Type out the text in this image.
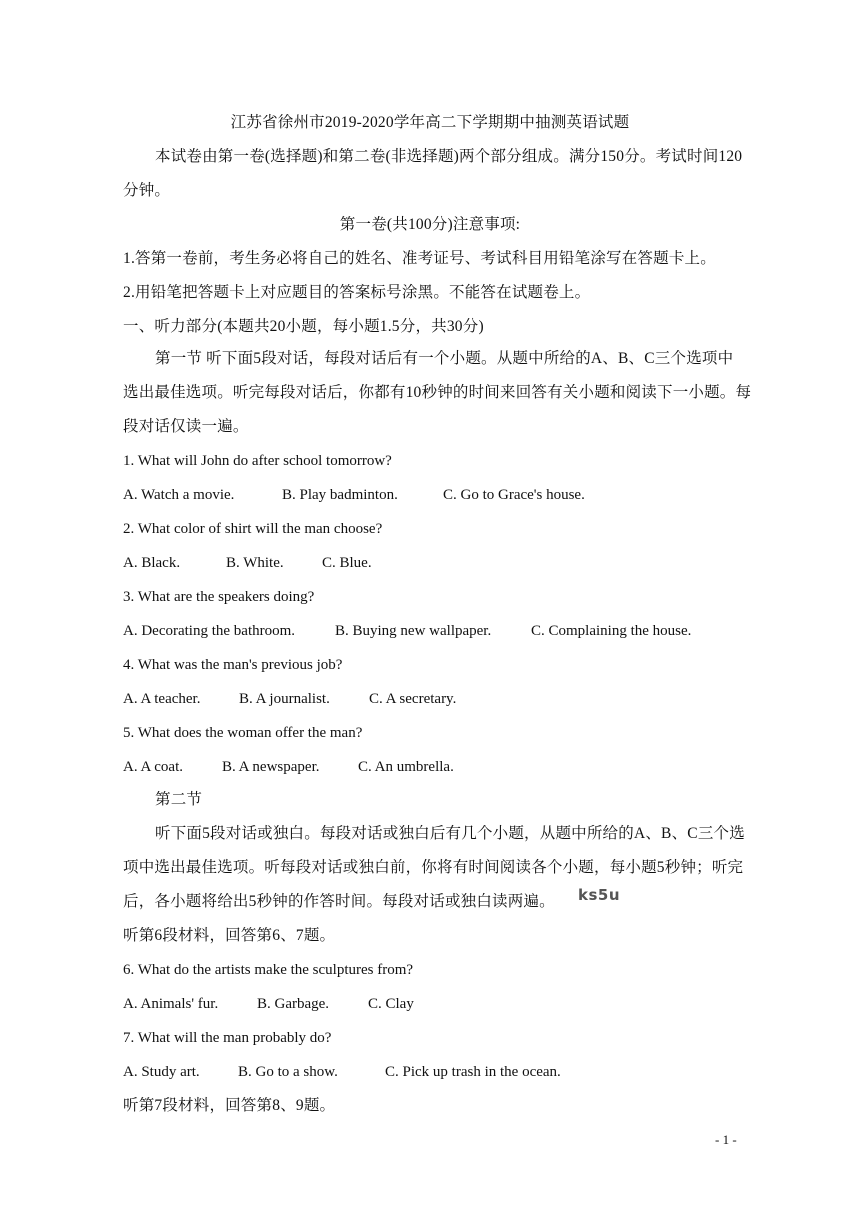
江苏省徐州市2019-2020学年高二下学期期中抽测英语试题
本试卷由第一卷(选择题)和第二卷(非选择题)两个部分组成。满分150分。考试时间120
分钟。
第一卷(共100分)注意事项:
1.答第一卷前，考生务必将自己的姓名、准考证号、考试科目用铅笔涂写在答题卡上。
2.用铅笔把答题卡上对应题目的答案标号涂黑。不能答在试题卷上。
一、听力部分(本题共20小题，每小题1.5分，共30分)
第一节 听下面5段对话，每段对话后有一个小题。从题中所给的A、B、C三个选项中
选出最佳选项。听完每段对话后，你都有10秒钟的时间来回答有关小题和阅读下一小题。每
段对话仅读一遍。
1. What will John do after school tomorrow?
A. Watch a movie.	B. Play badminton.	C. Go to Grace's house.
2. What color of shirt will the man choose?
A. Black.	B. White.	C. Blue.
3. What are the speakers doing?
A. Decorating the bathroom.	B. Buying new wallpaper.	C. Complaining the house.
4. What was the man's previous job?
A. A teacher.	B. A journalist.	C. A secretary.
5. What does the woman offer the man?
A. A coat.	B. A newspaper.	C. An umbrella.
第二节
听下面5段对话或独白。每段对话或独白后有几个小题，从题中所给的A、B、C三个选
项中选出最佳选项。听每段对话或独白前，你将有时间阅读各个小题，每小题5秒钟；听完
后，各小题将给出5秒钟的作答时间。每段对话或独白读两遍。 ks5u
听第6段材料，回答第6、7题。
6. What do the artists make the sculptures from?
A. Animals' fur.	B. Garbage.	C. Clay
7. What will the man probably do?
A. Study art.	B. Go to a show.	C. Pick up trash in the ocean.
听第7段材料，回答第8、9题。
- 1 -
